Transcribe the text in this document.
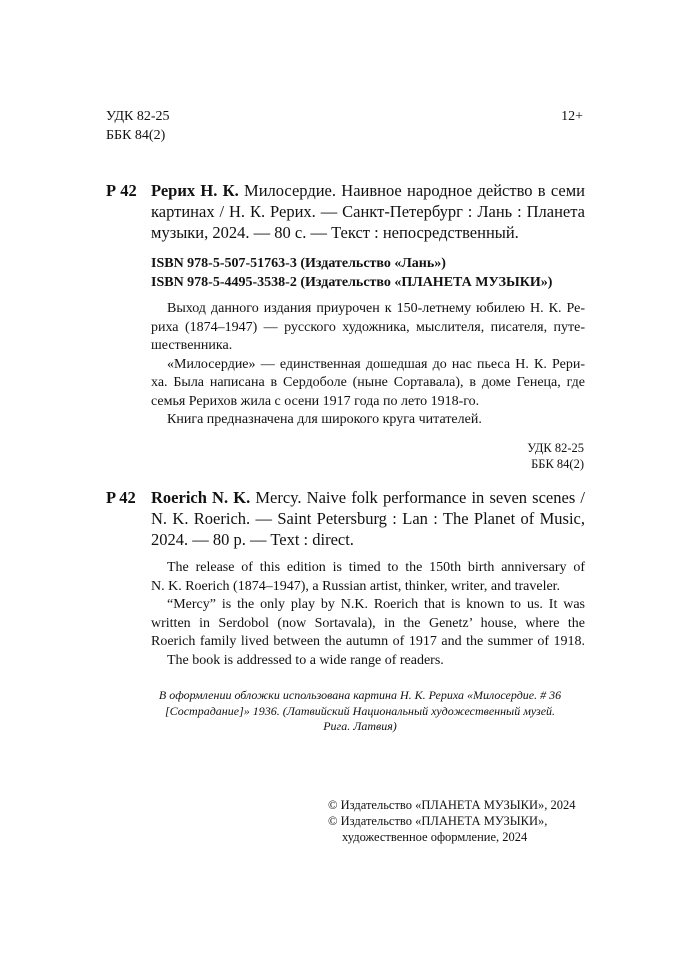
УДК 82-25
ББК 84(2)
12+
Р 42 Рерих Н. К. Милосердие. Наивное народное действо в семи
картинах / Н. К. Рерих. — Санкт-Петербург : Лань : Планета
музыки, 2024. — 80 с. — Текст : непосредственный.
ISBN 978-5-507-51763-3 (Издательство «Лань»)
ISBN 978-5-4495-3538-2 (Издательство «ПЛАНЕТА МУЗЫКИ»)
Выход данного издания приурочен к 150-летнему юбилею Н. К. Ре-
риха (1874–1947) — русского художника, мыслителя, писателя, путе-
шественника.
«Милосердие» — единственная дошедшая до нас пьеса Н. К. Рери-
ха. Была написана в Сердоболе (ныне Сортавала), в доме Генеца, где
семья Рерихов жила с осени 1917 года по лето 1918-го.
Книга предназначена для широкого круга читателей.
УДК 82-25
ББК 84(2)
P 42 Roerich N. K. Mercy. Naive folk performance in seven scenes /
N. K. Roerich. — Saint Petersburg : Lan : The Planet of Music,
2024. — 80 p. — Text : direct.
The release of this edition is timed to the 150th birth anniversary of
N. K. Roerich (1874–1947), a Russian artist, thinker, writer, and traveler.
“Mercy” is the only play by N.K. Roerich that is known to us. It was
written in Serdobol (now Sortavala), in the Genetz’ house, where the
Roerich family lived between the autumn of 1917 and the summer of 1918.
The book is addressed to a wide range of readers.
В оформлении обложки использована картина Н. К. Рериха «Милосердие. # 36
[Сострадание]» 1936. (Латвийский Национальный художественный музей.
Рига. Латвия)
© Издательство «ПЛАНЕТА МУЗЫКИ», 2024
© Издательство «ПЛАНЕТА МУЗЫКИ»,
художественное оформление, 2024
